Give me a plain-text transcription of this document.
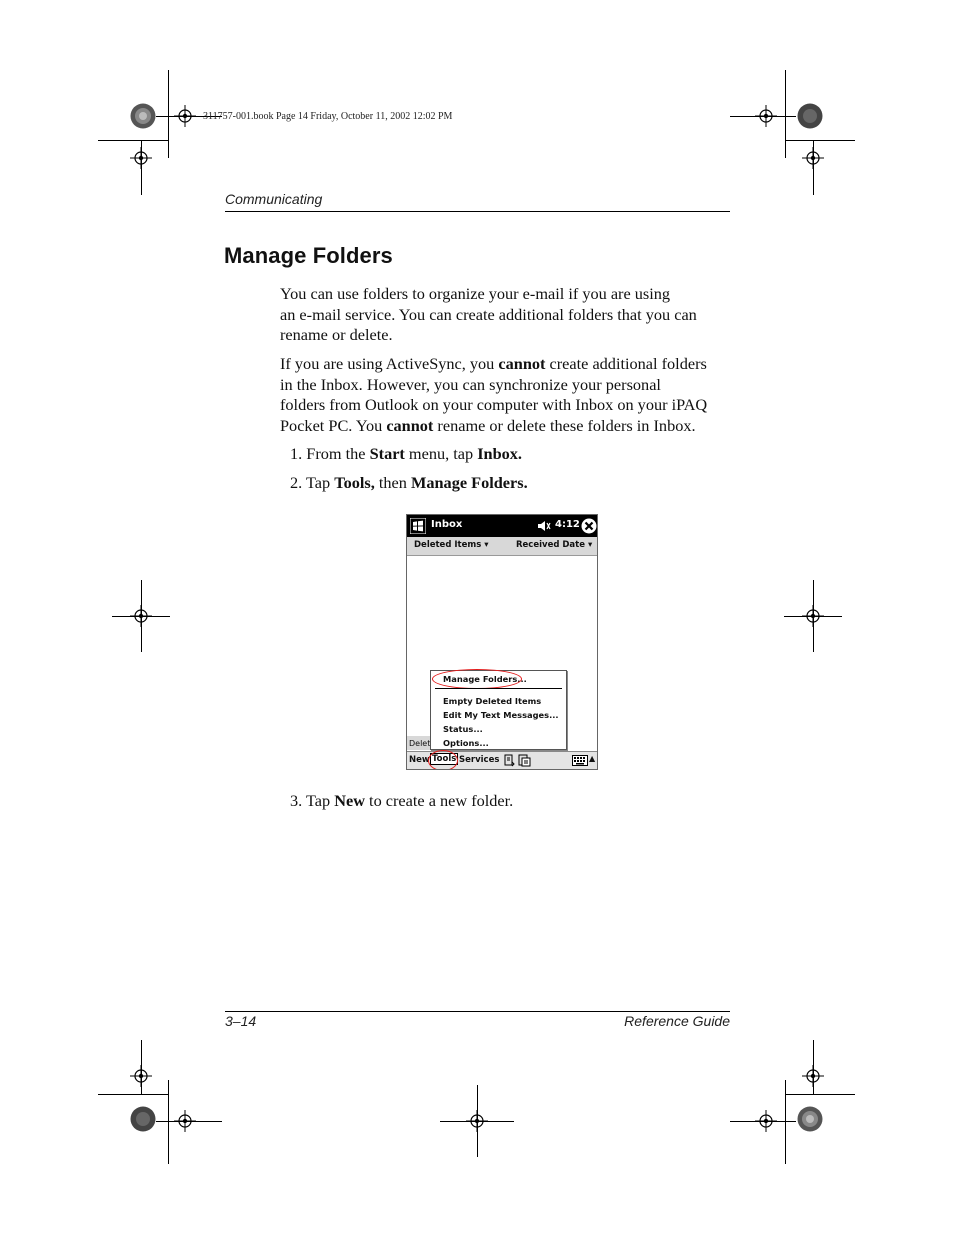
311757-001.book Page 14 Friday, October 11, 2002 12:02 PM
Communicating
Manage Folders
You can use folders to organize your e-mail if you are using
an e-mail service. You can create additional folders that you can
rename or delete.
If you are using ActiveSync, you cannot create additional folders
in the Inbox. However, you can synchronize your personal
folders from Outlook on your computer with Inbox on your iPAQ
Pocket PC. You cannot rename or delete these folders in Inbox.
1. From the Start menu, tap Inbox.
2. Tap Tools, then Manage Folders.
Inbox	4:12
Deleted Items ▾	Received Date ▾
Delet
Manage Folders...
Empty Deleted Items
Edit My Text Messages...
Status...
Options...
New Tools Services	▲
3. Tap New to create a new folder.
3–14	Reference Guide
